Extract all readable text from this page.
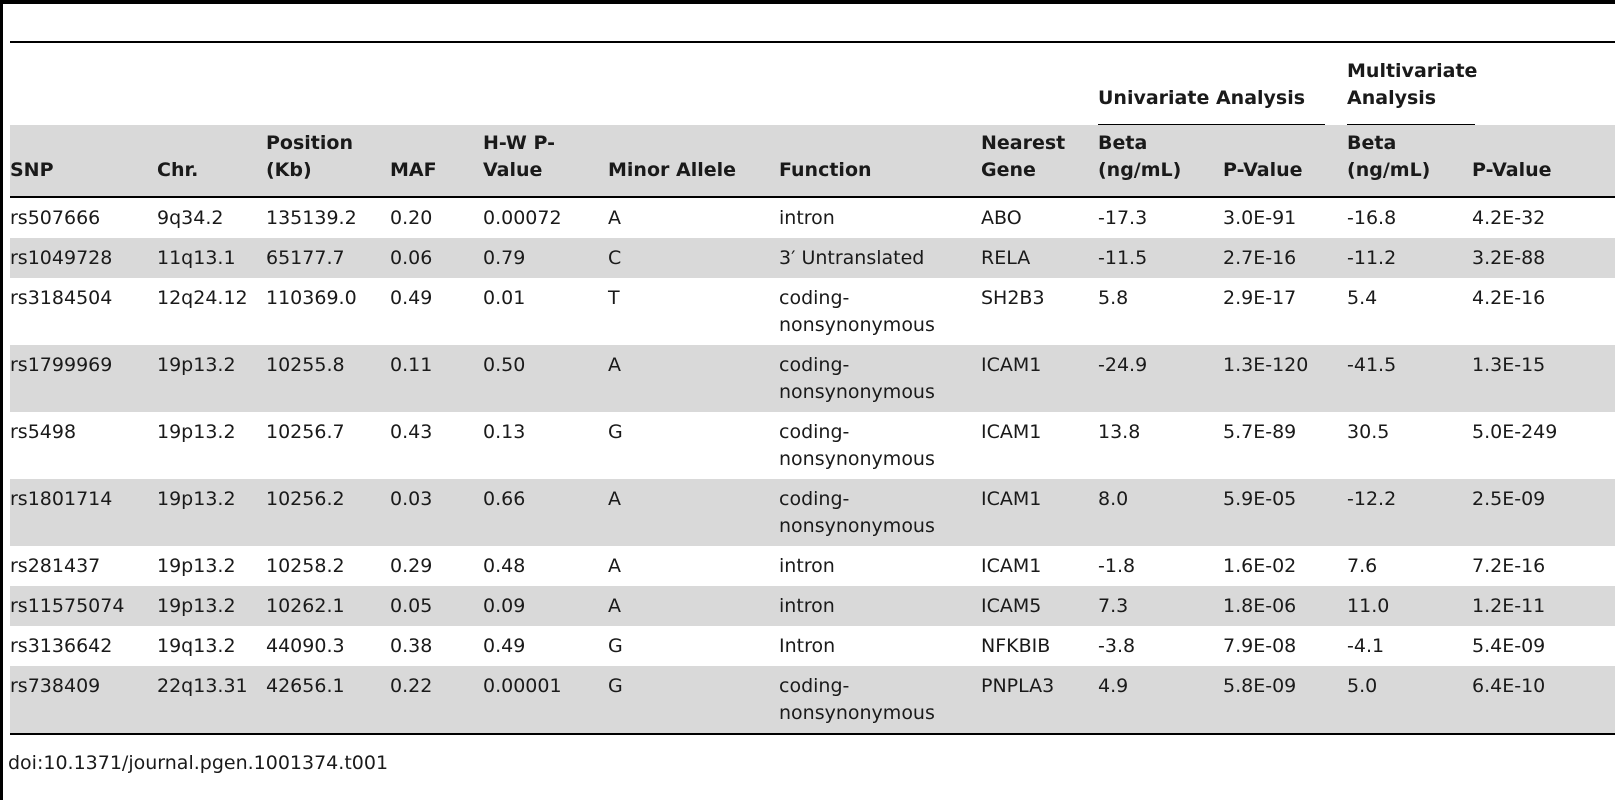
								Univariate Analysis		Multivariate Analysis	

SNP	Chr.	Position (Kb)	MAF	H-W P-Value	Minor Allele	Function	Nearest Gene	Beta (ng/mL)	P-Value	Beta (ng/mL)	P-Value
rs507666	9q34.2	135139.2	0.20	0.00072	A	intron	ABO	-17.3	3.0E-91	-16.8	4.2E-32
rs1049728	11q13.1	65177.7	0.06	0.79	C	3′ Untranslated	RELA	-11.5	2.7E-16	-11.2	3.2E-88
rs3184504	12q24.12	110369.0	0.49	0.01	T	coding-nonsynonymous	SH2B3	5.8	2.9E-17	5.4	4.2E-16
rs1799969	19p13.2	10255.8	0.11	0.50	A	coding-nonsynonymous	ICAM1	-24.9	1.3E-120	-41.5	1.3E-15
rs5498	19p13.2	10256.7	0.43	0.13	G	coding-nonsynonymous	ICAM1	13.8	5.7E-89	30.5	5.0E-249
rs1801714	19p13.2	10256.2	0.03	0.66	A	coding-nonsynonymous	ICAM1	8.0	5.9E-05	-12.2	2.5E-09
rs281437	19p13.2	10258.2	0.29	0.48	A	intron	ICAM1	-1.8	1.6E-02	7.6	7.2E-16
rs11575074	19p13.2	10262.1	0.05	0.09	A	intron	ICAM5	7.3	1.8E-06	11.0	1.2E-11
rs3136642	19q13.2	44090.3	0.38	0.49	G	Intron	NFKBIB	-3.8	7.9E-08	-4.1	5.4E-09
rs738409	22q13.31	42656.1	0.22	0.00001	G	coding-nonsynonymous	PNPLA3	4.9	5.8E-09	5.0	6.4E-10
doi:10.1371/journal.pgen.1001374.t001
